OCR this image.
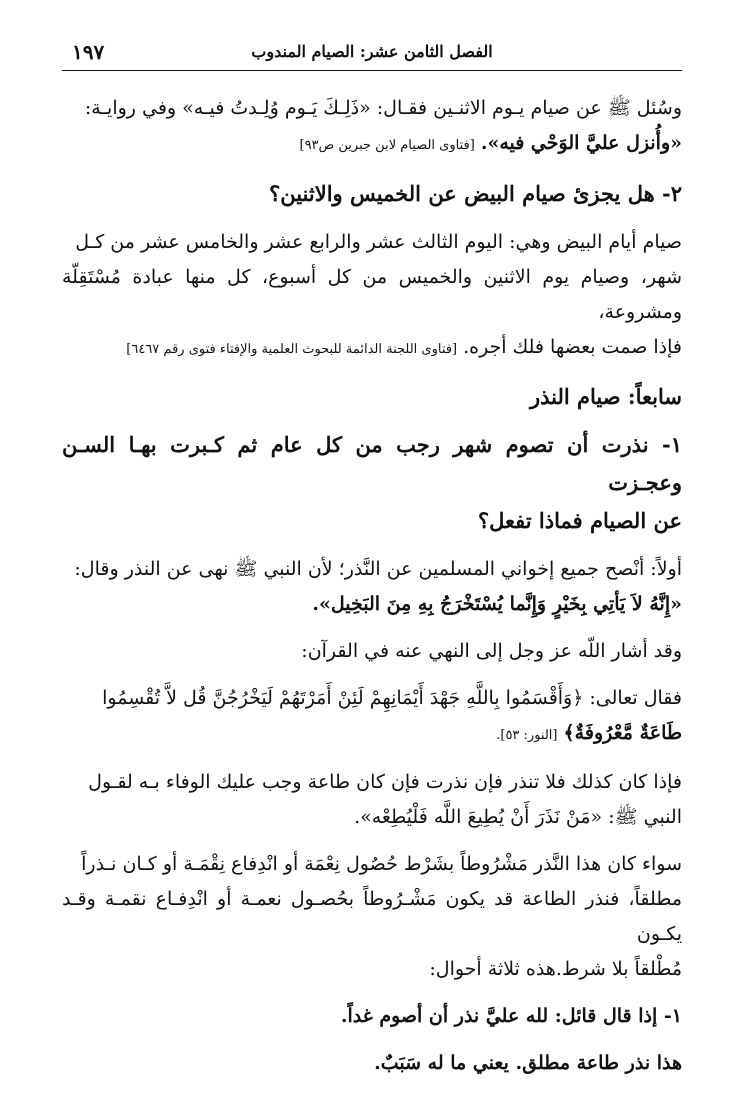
الفصل الثامن عشر: الصيام المندوب
١٩٧

وسُئل ﷺ عن صيام يـوم الاثنـين فقـال: «ذَلِـكَ يَـوم وُلِـدتُ فيـه» وفي روايـة:
«وأُنزل عليَّ الوَحْي فيه». [فتاوى الصيام لابن جبرين ص٩٣]

٢- هل يجزئ صيام البيض عن الخميس والاثنين؟

صيام أيام البيض وهي: اليوم الثالث عشر والرابع عشر والخامس عشر من كـل
شهر، وصيام يوم الاثنين والخميس من كل أسبوع، كل منها عبادة مُسْتَقِلّة ومشروعة،
فإذا صمت بعضها فلك أجره. [فتاوى اللجنة الدائمة للبحوث العلمية والإفتاء فتوى رقم ٦٤٦٧]

سابعاً: صيام النذر

١- نذرت أن تصوم شهر رجب من كل عام ثم كـبرت بهـا السـن وعجـزت
عن الصيام فماذا تفعل؟

أولاً: أنْصح جميع إخواني المسلمين عن النَّذر؛ لأن النبي ﷺ نهى عن النذر وقال:
«إِنَّهُ لاَ يَأتِي بِخَيْرٍ وَإِنَّما يُسْتَخْرَجُ بِهِ مِنَ البَخِيل».

وقد أشار اللّه عز وجل إلى النهي عنه في القرآن:

فقال تعالى: ﴿وَأَقْسَمُوا بِاللَّهِ جَهْدَ أَيْمَانِهِمْ لَئِنْ أَمَرْتَهُمْ لَيَخْرُجُنَّ قُل لاَّ تُقْسِمُوا
طَاعَةٌ مَّعْرُوفَةٌ﴾ [النور: ٥٣].

فإذا كان كذلك فلا تنذر فإن نذرت فإن كان طاعة وجب عليك الوفاء بـه لقـول
النبي ﷺ: «مَنْ نَذَرَ أَنْ يُطِيعَ اللَّه فَلْيُطِعْه».

سواء كان هذا النَّذر مَشْرُوطاً بشَرْط حُصُول نِعْمَة أو انْدِفاع نِقْمَـة أو كـان نـذراً
مطلقاً، فنذر الطاعة قد يكون مَشْـرُوطاً بحُصـول نعمـة أو انْدِفـاع نقمـة وقـد يكـون
مُطْلقاً بلا شرط.هذه ثلاثة أحوال:

١- إذا قال قائل: لله عليَّ نذر أن أصوم غداً.

هذا نذر طاعة مطلق. يعني ما له سَبَبٌ.
